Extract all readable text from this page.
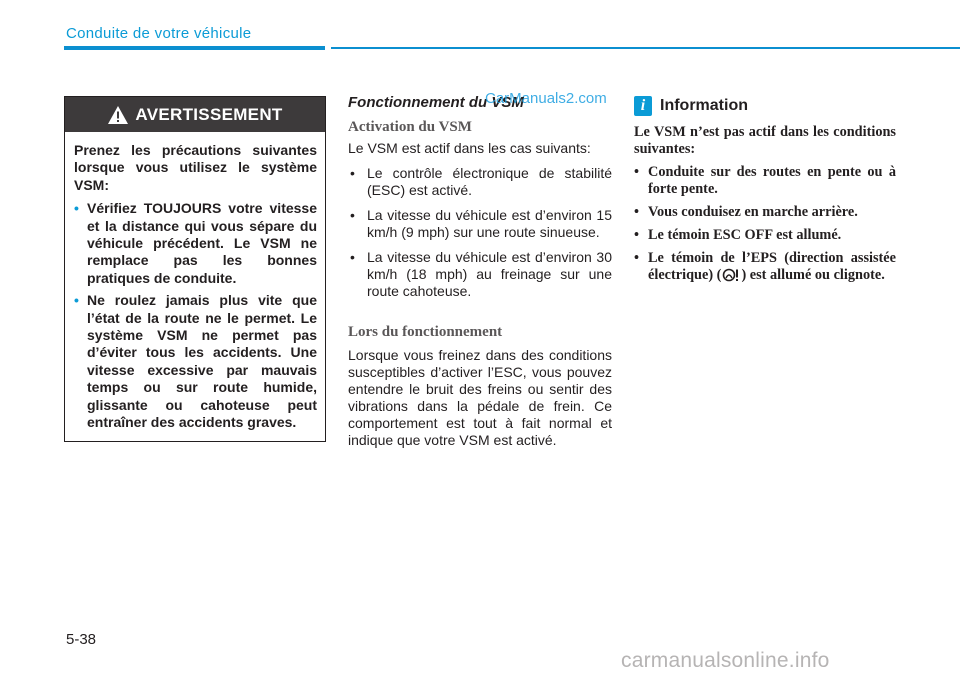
Conduite de votre véhicule
AVERTISSEMENT

Prenez les précautions suivantes lorsque vous utilisez le système VSM:

• Vérifiez TOUJOURS votre vitesse et la distance qui vous sépare du véhicule précédent. Le VSM ne remplace pas les bonnes pratiques de conduite.
• Ne roulez jamais plus vite que l’état de la route ne le permet. Le système VSM ne permet pas d’éviter tous les accidents. Une vitesse excessive par mauvais temps ou sur route humide, glissante ou cahoteuse peut entraîner des accidents graves.
Fonctionnement du VSM
Activation du VSM

Le VSM est actif dans les cas suivants:

• Le contrôle électronique de stabilité (ESC) est activé.
• La vitesse du véhicule est d’environ 15 km/h (9 mph) sur une route sinueuse.
• La vitesse du véhicule est d’environ 30 km/h (18 mph) au freinage sur une route cahoteuse.
Lors du fonctionnement

Lorsque vous freinez dans des conditions susceptibles d’activer l’ESC, vous pouvez entendre le bruit des freins ou sentir des vibrations dans la pédale de frein. Ce comportement est tout à fait normal et indique que votre VSM est activé.

CarManuals2.com	i Information
Le VSM n’est pas actif dans les conditions suivantes:
• Conduite sur des routes en pente ou à forte pente.
• Vous conduisez en marche arrière.
• Le témoin ESC OFF est allumé.
• Le témoin de l’EPS (direction assistée électrique) ( ) est allumé ou clignote.
5-38
carmanualsonline.info
